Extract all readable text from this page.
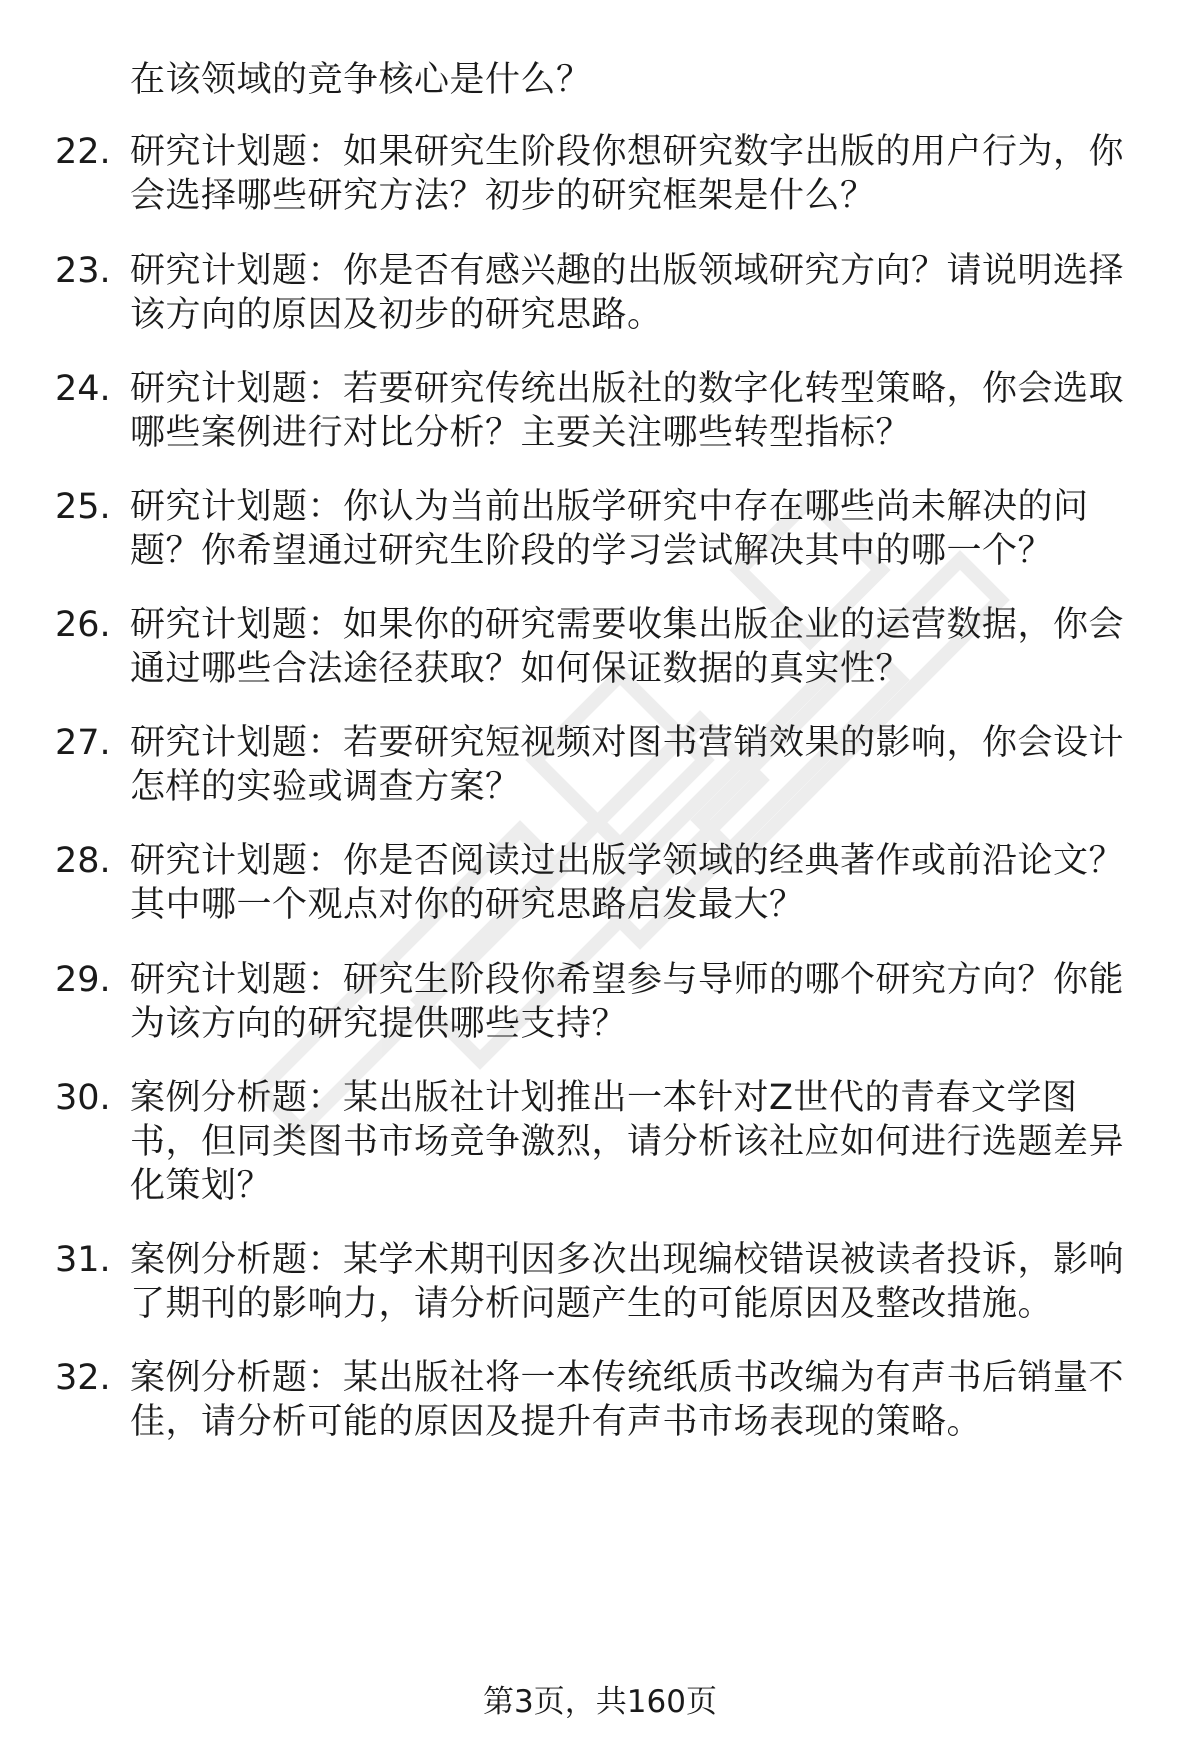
在该领域的竞争核心是什么？
22. 研究计划题：如果研究生阶段你想研究数字出版的用户行为，你
会选择哪些研究方法？初步的研究框架是什么？
23. 研究计划题：你是否有感兴趣的出版领域研究方向？请说明选择
该方向的原因及初步的研究思路。
24. 研究计划题：若要研究传统出版社的数字化转型策略，你会选取
哪些案例进行对比分析？主要关注哪些转型指标？
25. 研究计划题：你认为当前出版学研究中存在哪些尚未解决的问
题？你希望通过研究生阶段的学习尝试解决其中的哪一个？
26. 研究计划题：如果你的研究需要收集出版企业的运营数据，你会
通过哪些合法途径获取？如何保证数据的真实性？
27. 研究计划题：若要研究短视频对图书营销效果的影响，你会设计
怎样的实验或调查方案？
28. 研究计划题：你是否阅读过出版学领域的经典著作或前沿论文？
其中哪一个观点对你的研究思路启发最大？
29. 研究计划题：研究生阶段你希望参与导师的哪个研究方向？你能
为该方向的研究提供哪些支持？
30. 案例分析题：某出版社计划推出一本针对Z世代的青春文学图
书，但同类图书市场竞争激烈，请分析该社应如何进行选题差异
化策划？
31. 案例分析题：某学术期刊因多次出现编校错误被读者投诉，影响
了期刊的影响力，请分析问题产生的可能原因及整改措施。
32. 案例分析题：某出版社将一本传统纸质书改编为有声书后销量不
佳，请分析可能的原因及提升有声书市场表现的策略。
第3页，共160页
